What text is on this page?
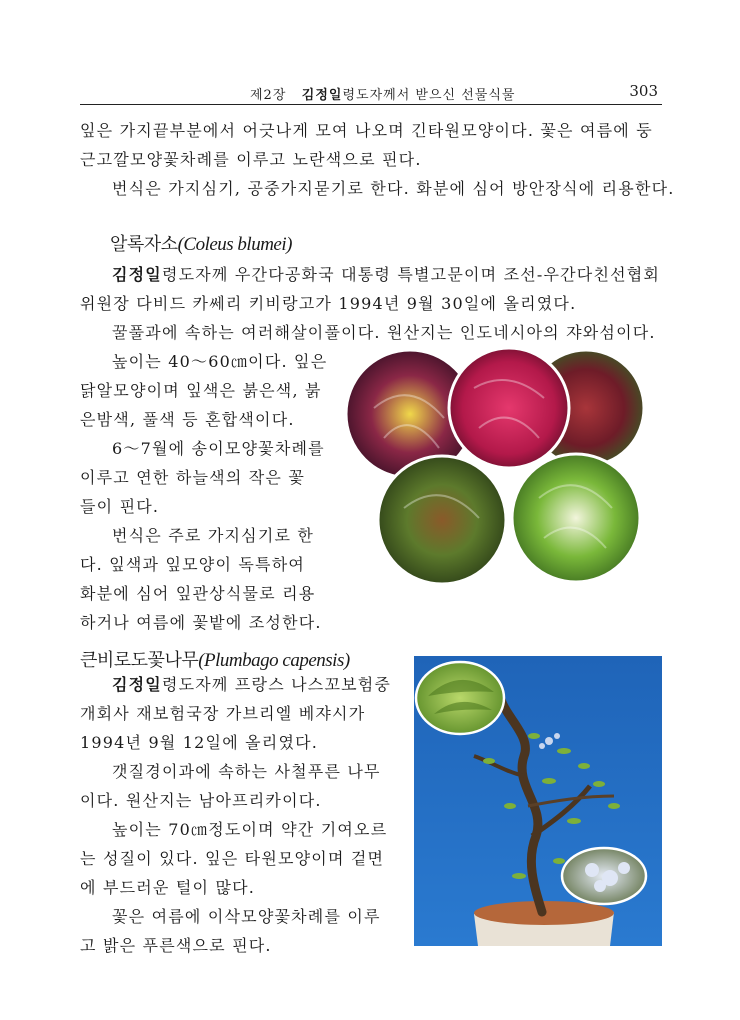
제2장 김정일령도자께서 받으신 선물식물	303

잎은 가지끝부분에서 어긋나게 모여 나오며 긴타원모양이다. 꽃은 여름에 둥

근고깔모양꽃차례를 이루고 노란색으로 핀다.

번식은 가지심기, 공중가지묻기로 한다. 화분에 심어 방안장식에 리용한다.

알록자소(Coleus blumei)

김정일령도자께 우간다공화국 대통령 특별고문이며 조선-우간다친선협회

위원장 다비드 카쎄리 키비랑고가 1994년 9월 30일에 올리였다.

꿀풀과에 속하는 여러해살이풀이다. 원산지는 인도네시아의 쟈와섬이다.

높이는 40～60㎝이다. 잎은

닭알모양이며 잎색은 붉은색, 붉

은밤색, 풀색 등 혼합색이다.

6～7월에 송이모양꽃차례를

이루고 연한 하늘색의 작은 꽃

들이 핀다.

번식은 주로 가지심기로 한

다. 잎색과 잎모양이 독특하여

화분에 심어 잎관상식물로 리용

하거나 여름에 꽃밭에 조성한다.

큰비로도꽃나무(Plumbago capensis)

김정일령도자께 프랑스 나스꼬보험중

개회사 재보험국장 가브리엘 베쟈시가

1994년 9월 12일에 올리였다.

갯질경이과에 속하는 사철푸른 나무

이다. 원산지는 남아프리카이다.

높이는 70㎝정도이며 약간 기여오르

는 성질이 있다. 잎은 타원모양이며 겉면

에 부드러운 털이 많다.

꽃은 여름에 이삭모양꽃차례를 이루

고 밝은 푸른색으로 핀다.
